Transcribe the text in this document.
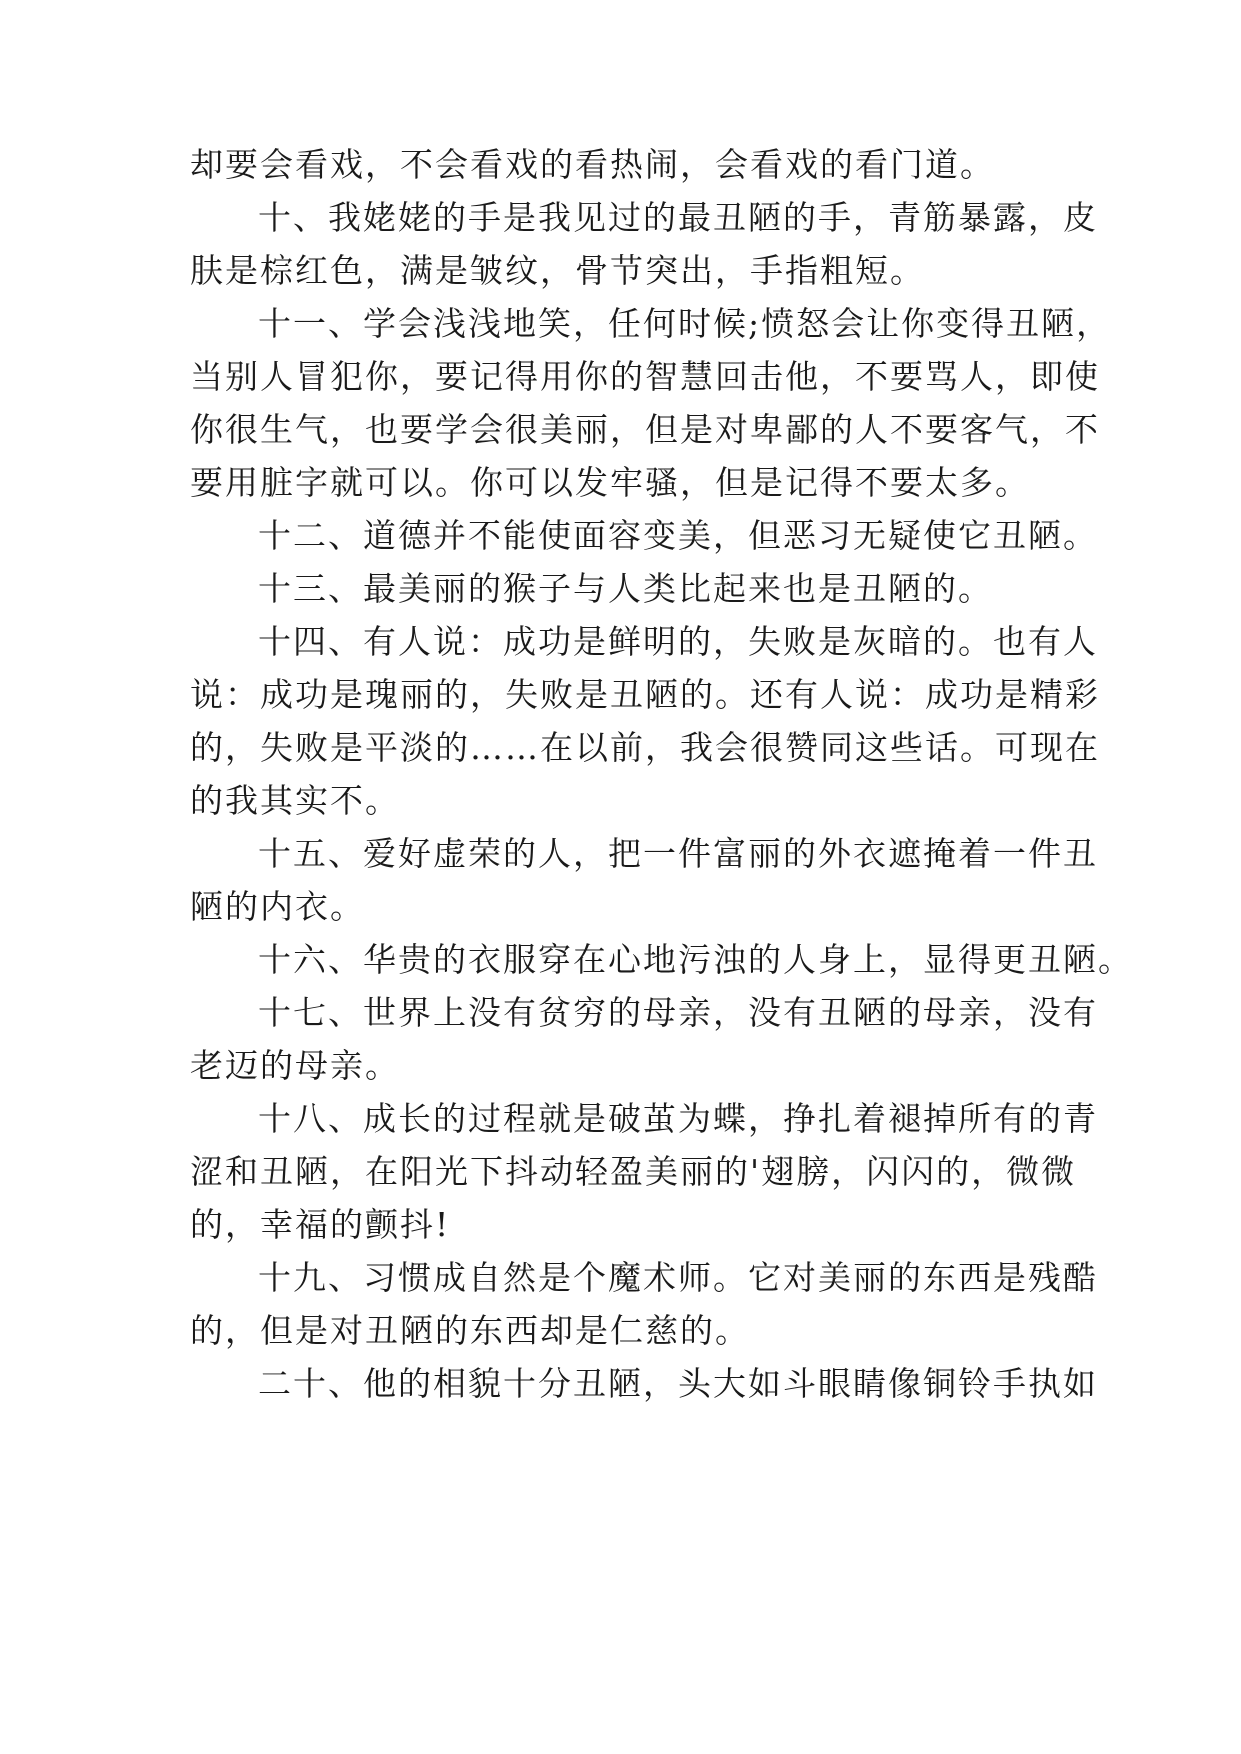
却要会看戏，不会看戏的看热闹，会看戏的看门道。
十、我姥姥的手是我见过的最丑陋的手，青筋暴露，皮
肤是棕红色，满是皱纹，骨节突出，手指粗短。
十一、学会浅浅地笑，任何时候;愤怒会让你变得丑陋，
当别人冒犯你，要记得用你的智慧回击他，不要骂人，即使
你很生气，也要学会很美丽，但是对卑鄙的人不要客气，不
要用脏字就可以。你可以发牢骚，但是记得不要太多。
十二、道德并不能使面容变美，但恶习无疑使它丑陋。
十三、最美丽的猴子与人类比起来也是丑陋的。
十四、有人说：成功是鲜明的，失败是灰暗的。也有人
说：成功是瑰丽的，失败是丑陋的。还有人说：成功是精彩
的，失败是平淡的……在以前，我会很赞同这些话。可现在
的我其实不。
十五、爱好虚荣的人，把一件富丽的外衣遮掩着一件丑
陋的内衣。
十六、华贵的衣服穿在心地污浊的人身上，显得更丑陋。
十七、世界上没有贫穷的母亲，没有丑陋的母亲，没有
老迈的母亲。
十八、成长的过程就是破茧为蝶，挣扎着褪掉所有的青
涩和丑陋，在阳光下抖动轻盈美丽的'翅膀，闪闪的，微微
的，幸福的颤抖!
十九、习惯成自然是个魔术师。它对美丽的东西是残酷
的，但是对丑陋的东西却是仁慈的。
二十、他的相貌十分丑陋，头大如斗眼睛像铜铃手执如
